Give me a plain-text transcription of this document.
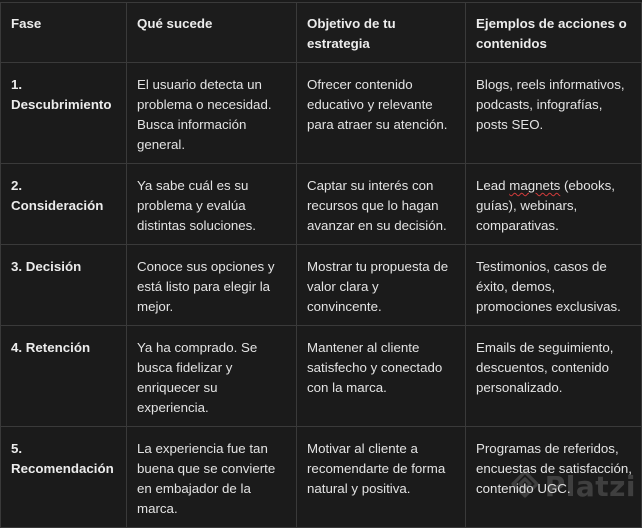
Fase	Qué sucede	Objetivo de tu estrategia	Ejemplos de acciones o contenidos
1. Descubrimiento	El usuario detecta un problema o necesidad. Busca información general.	Ofrecer contenido educativo y relevante para atraer su atención.	Blogs, reels informativos, podcasts, infografías, posts SEO.
2. Consideración	Ya sabe cuál es su problema y evalúa distintas soluciones.	Captar su interés con recursos que lo hagan avanzar en su decisión.	Lead magnets (ebooks, guías), webinars, comparativas.
3. Decisión	Conoce sus opciones y está listo para elegir la mejor.	Mostrar tu propuesta de valor clara y convincente.	Testimonios, casos de éxito, demos, promociones exclusivas.
4. Retención	Ya ha comprado. Se busca fidelizar y enriquecer su experiencia.	Mantener al cliente satisfecho y conectado con la marca.	Emails de seguimiento, descuentos, contenido personalizado.
5. Recomendación	La experiencia fue tan buena que se convierte en embajador de la marca.	Motivar al cliente a recomendarte de forma natural y positiva.	Programas de referidos, encuestas de satisfacción, contenido UGC.
Platzi
